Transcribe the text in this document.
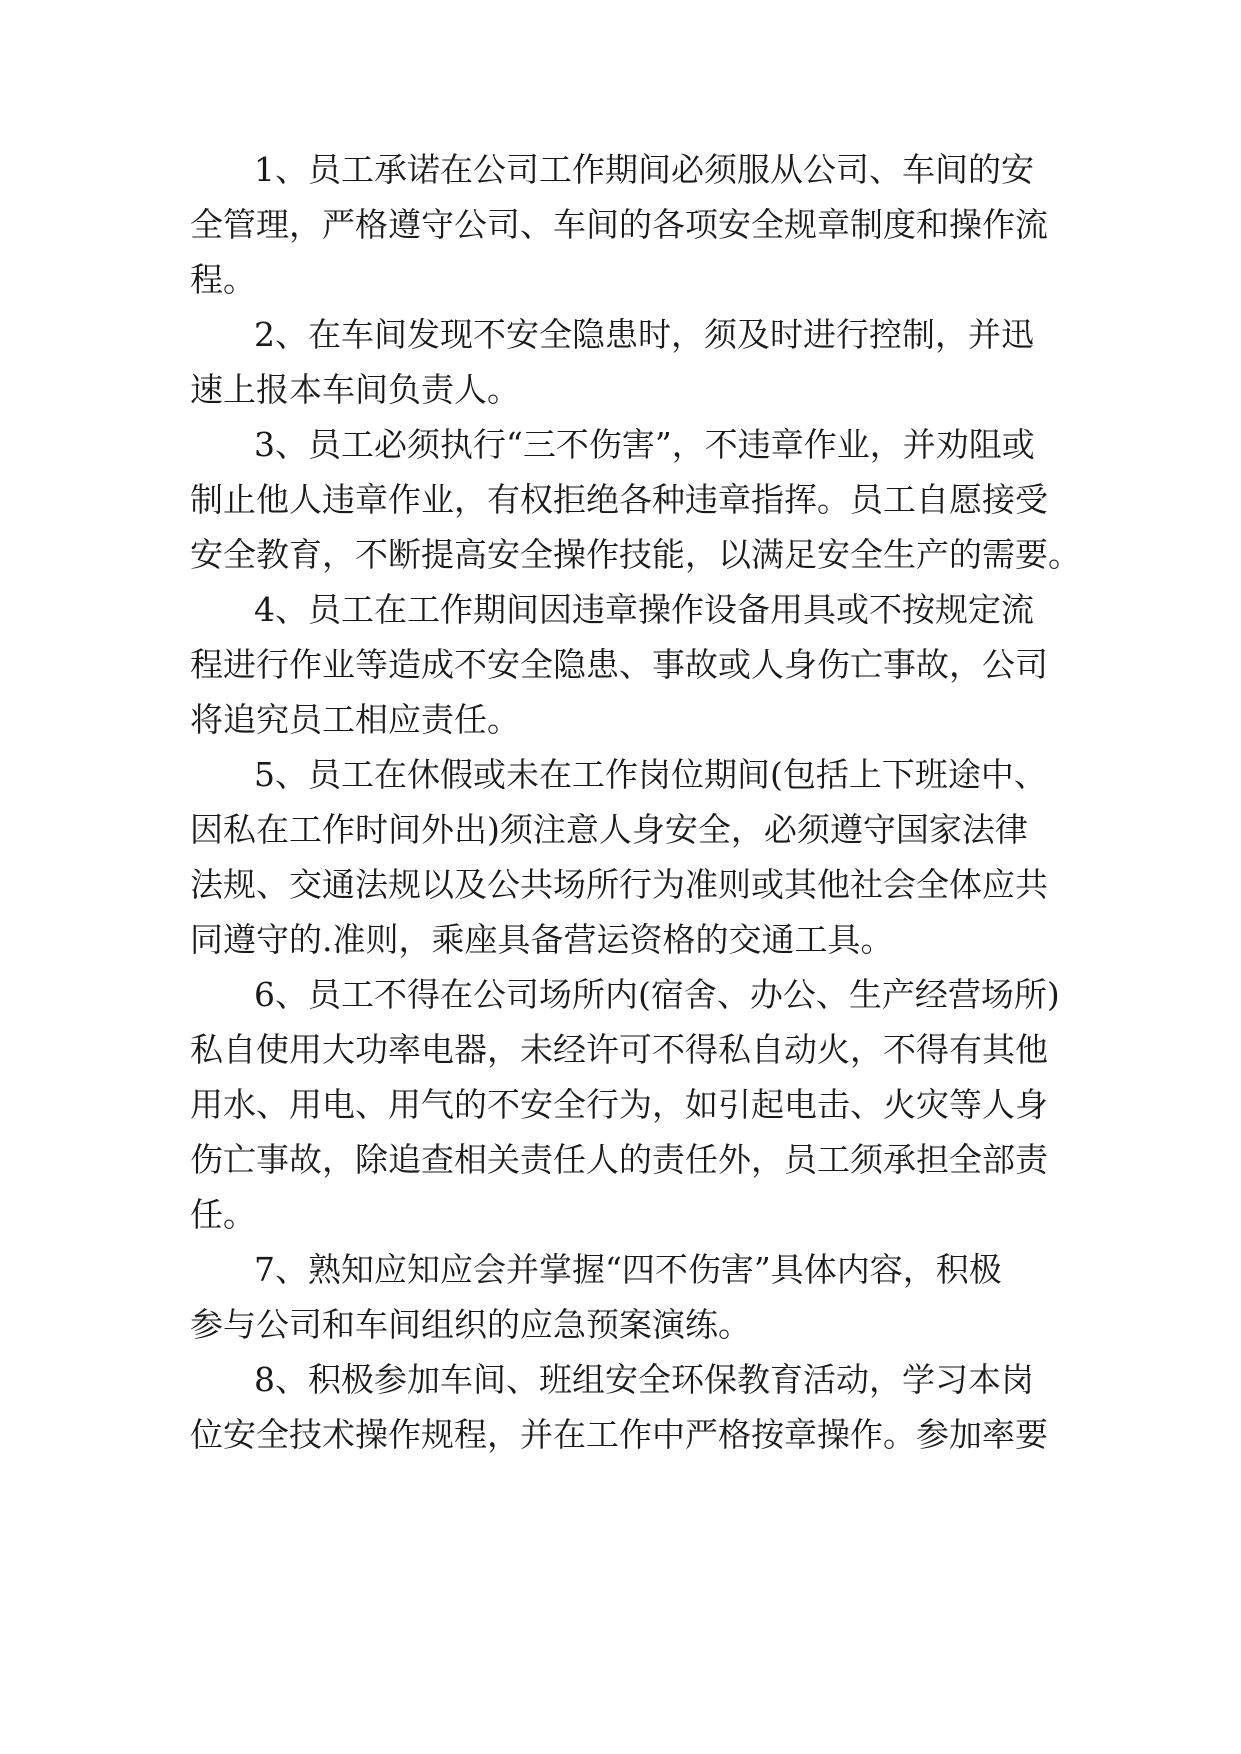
1、员工承诺在公司工作期间必须服从公司、车间的安
全管理，严格遵守公司、车间的各项安全规章制度和操作流
程。
2、在车间发现不安全隐患时，须及时进行控制，并迅
速上报本车间负责人。
3、员工必须执行“三不伤害”，不违章作业，并劝阻或
制止他人违章作业，有权拒绝各种违章指挥。员工自愿接受
安全教育，不断提高安全操作技能，以满足安全生产的需要。
4、员工在工作期间因违章操作设备用具或不按规定流
程进行作业等造成不安全隐患、事故或人身伤亡事故，公司
将追究员工相应责任。
5、员工在休假或未在工作岗位期间(包括上下班途中、
因私在工作时间外出)须注意人身安全，必须遵守国家法律
法规、交通法规以及公共场所行为准则或其他社会全体应共
同遵守的.准则，乘座具备营运资格的交通工具。
6、员工不得在公司场所内(宿舍、办公、生产经营场所)
私自使用大功率电器，未经许可不得私自动火，不得有其他
用水、用电、用气的不安全行为，如引起电击、火灾等人身
伤亡事故，除追查相关责任人的责任外，员工须承担全部责
任。
7、熟知应知应会并掌握“四不伤害”具体内容，积极
参与公司和车间组织的应急预案演练。
8、积极参加车间、班组安全环保教育活动，学习本岗
位安全技术操作规程，并在工作中严格按章操作。参加率要
